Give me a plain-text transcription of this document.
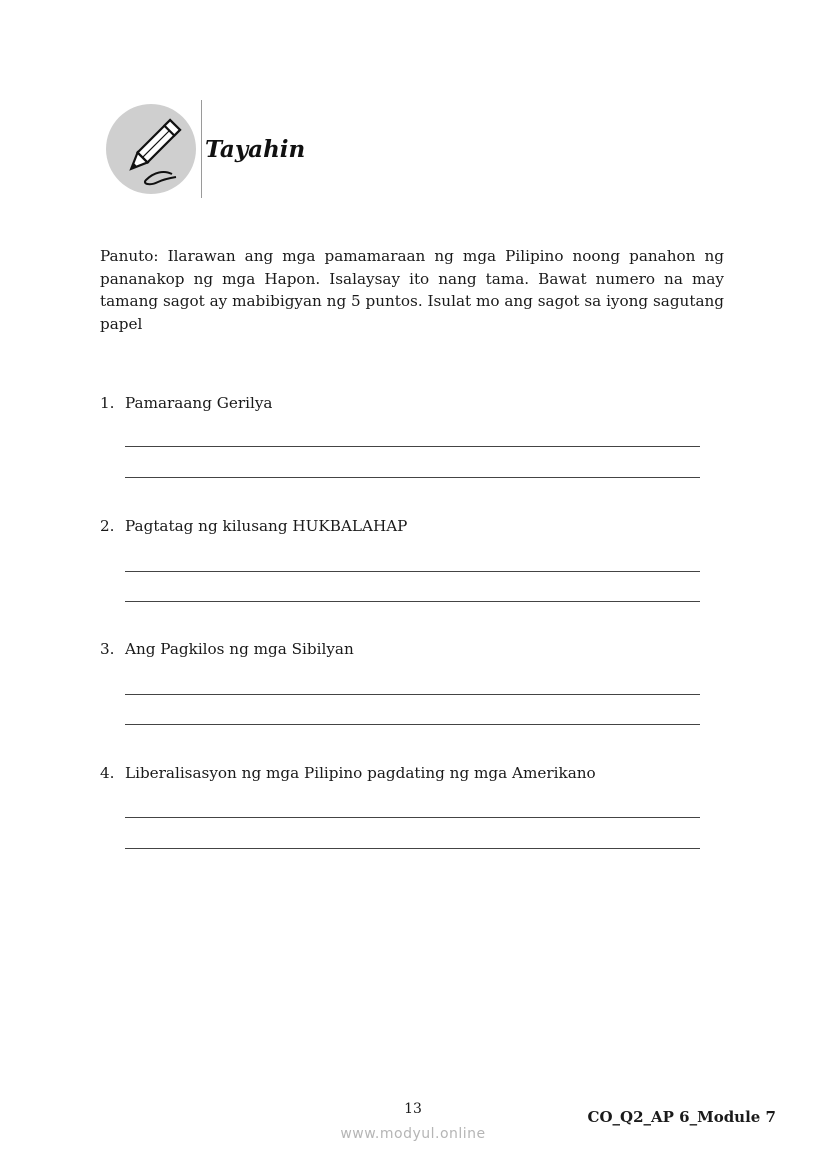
Tayahin

Panuto: Ilarawan ang mga pamamaraan ng mga Pilipino noong panahon ng pananakop ng mga Hapon. Isalaysay ito nang tama. Bawat numero na may tamang sagot ay mabibigyan ng 5 puntos. Isulat mo ang sagot sa iyong sagutang papel

1. Pamaraang Gerilya
2. Pagtatag ng kilusang HUKBALAHAP
3. Ang Pagkilos ng mga Sibilyan
4. Liberalisasyon ng mga Pilipino pagdating ng mga Amerikano
13	CO_Q2_AP 6_Module 7
www.modyul.online
